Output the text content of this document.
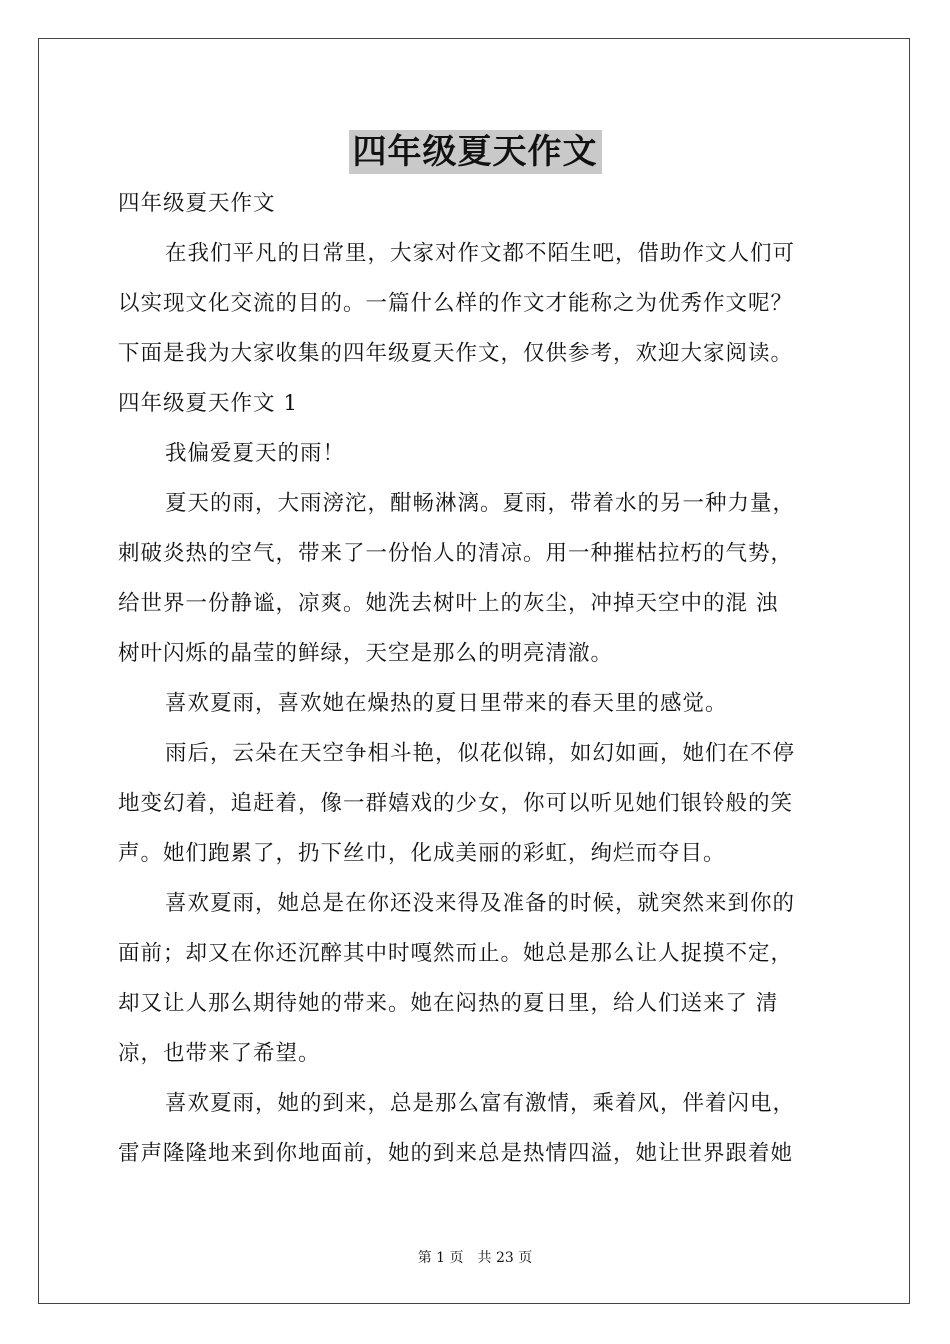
四年级夏天作文
四年级夏天作文
在我们平凡的日常里，大家对作文都不陌生吧，借助作文人们可
以实现文化交流的目的。一篇什么样的作文才能称之为优秀作文呢？
下面是我为大家收集的四年级夏天作文，仅供参考，欢迎大家阅读。
四年级夏天作文 1
我偏爱夏天的雨！
夏天的雨，大雨滂沱，酣畅淋漓。夏雨，带着水的另一种力量，
刺破炎热的空气，带来了一份怡人的清凉。用一种摧枯拉朽的气势，
给世界一份静谧，凉爽。她洗去树叶上的灰尘，冲掉天空中的混 浊
树叶闪烁的晶莹的鲜绿，天空是那么的明亮清澈。
喜欢夏雨，喜欢她在燥热的夏日里带来的春天里的感觉。
雨后，云朵在天空争相斗艳，似花似锦，如幻如画，她们在不停
地变幻着，追赶着，像一群嬉戏的少女，你可以听见她们银铃般的笑
声。她们跑累了，扔下丝巾，化成美丽的彩虹，绚烂而夺目。
喜欢夏雨，她总是在你还没来得及准备的时候，就突然来到你的
面前；却又在你还沉醉其中时嘎然而止。她总是那么让人捉摸不定，
却又让人那么期待她的带来。她在闷热的夏日里，给人们送来了 清
凉，也带来了希望。
喜欢夏雨，她的到来，总是那么富有激情，乘着风，伴着闪电，
雷声隆隆地来到你地面前，她的到来总是热情四溢，她让世界跟着她
第 1 页　共 23 页
